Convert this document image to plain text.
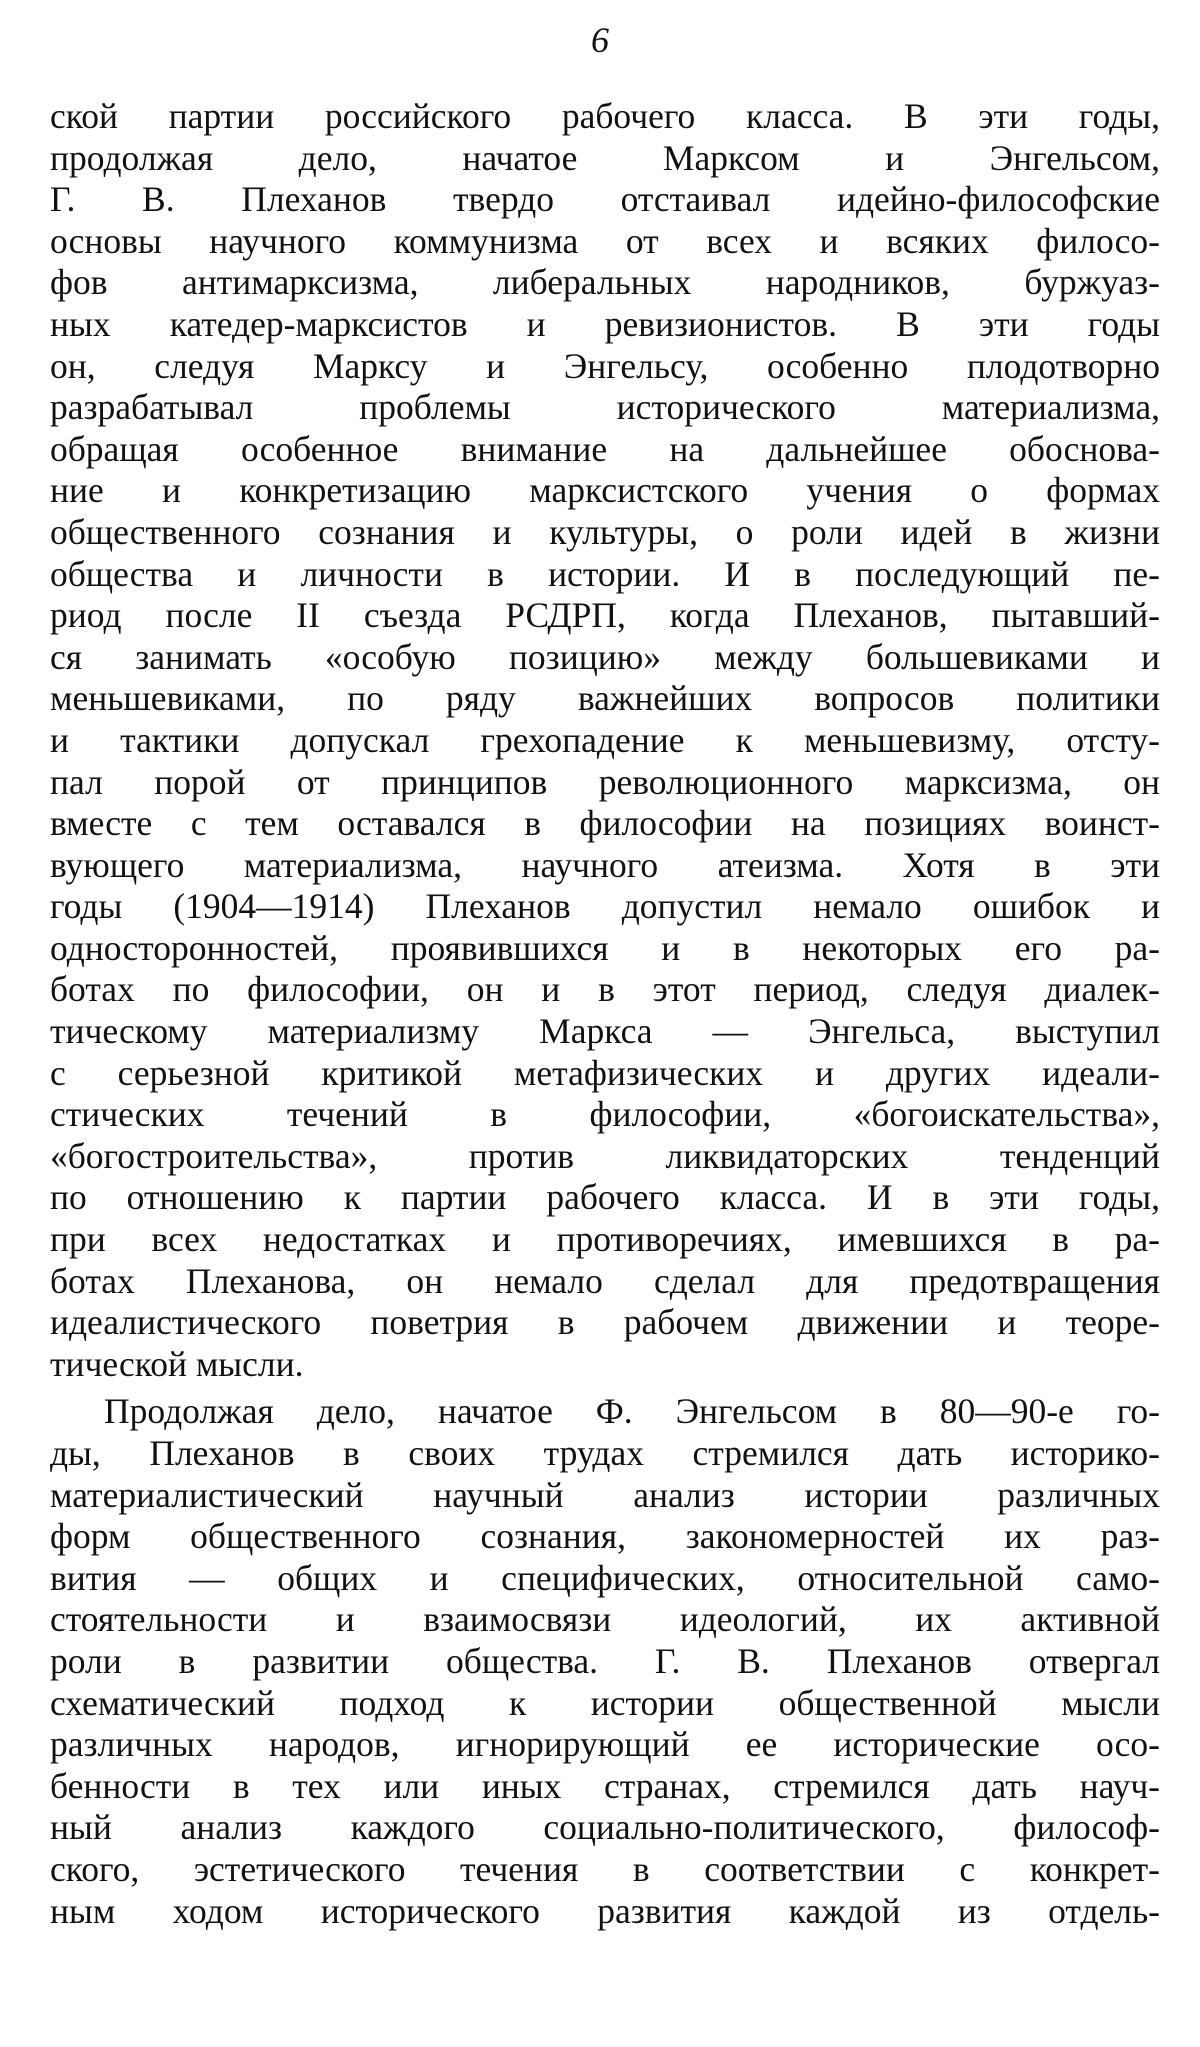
6
ской партии российского рабочего класса. В эти годы,
продолжая дело, начатое Марксом и Энгельсом,
Г. В. Плеханов твердо отстаивал идейно-философские
основы научного коммунизма от всех и всяких филосо-
фов антимарксизма, либеральных народников, буржуаз-
ных катедер-марксистов и ревизионистов. В эти годы
он, следуя Марксу и Энгельсу, особенно плодотворно
разрабатывал проблемы исторического материализма,
обращая особенное внимание на дальнейшее обоснова-
ние и конкретизацию марксистского учения о формах
общественного сознания и культуры, о роли идей в жизни
общества и личности в истории. И в последующий пе-
риод после II съезда РСДРП, когда Плеханов, пытавший-
ся занимать «особую позицию» между большевиками и
меньшевиками, по ряду важнейших вопросов политики
и тактики допускал грехопадение к меньшевизму, отсту-
пал порой от принципов революционного марксизма, он
вместе с тем оставался в философии на позициях воинст-
вующего материализма, научного атеизма. Хотя в эти
годы (1904—1914) Плеханов допустил немало ошибок и
односторонностей, проявившихся и в некоторых его ра-
ботах по философии, он и в этот период, следуя диалек-
тическому материализму Маркса — Энгельса, выступил
с серьезной критикой метафизических и других идеали-
стических течений в философии, «богоискательства»,
«богостроительства», против ликвидаторских тенденций
по отношению к партии рабочего класса. И в эти годы,
при всех недостатках и противоречиях, имевшихся в ра-
ботах Плеханова, он немало сделал для предотвращения
идеалистического поветрия в рабочем движении и теоре-
тической мысли.
Продолжая дело, начатое Ф. Энгельсом в 80—90-е го-
ды, Плеханов в своих трудах стремился дать историко-
материалистический научный анализ истории различных
форм общественного сознания, закономерностей их раз-
вития — общих и специфических, относительной само-
стоятельности и взаимосвязи идеологий, их активной
роли в развитии общества. Г. В. Плеханов отвергал
схематический подход к истории общественной мысли
различных народов, игнорирующий ее исторические осо-
бенности в тех или иных странах, стремился дать науч-
ный анализ каждого социально-политического, философ-
ского, эстетического течения в соответствии с конкрет-
ным ходом исторического развития каждой из отдель-
